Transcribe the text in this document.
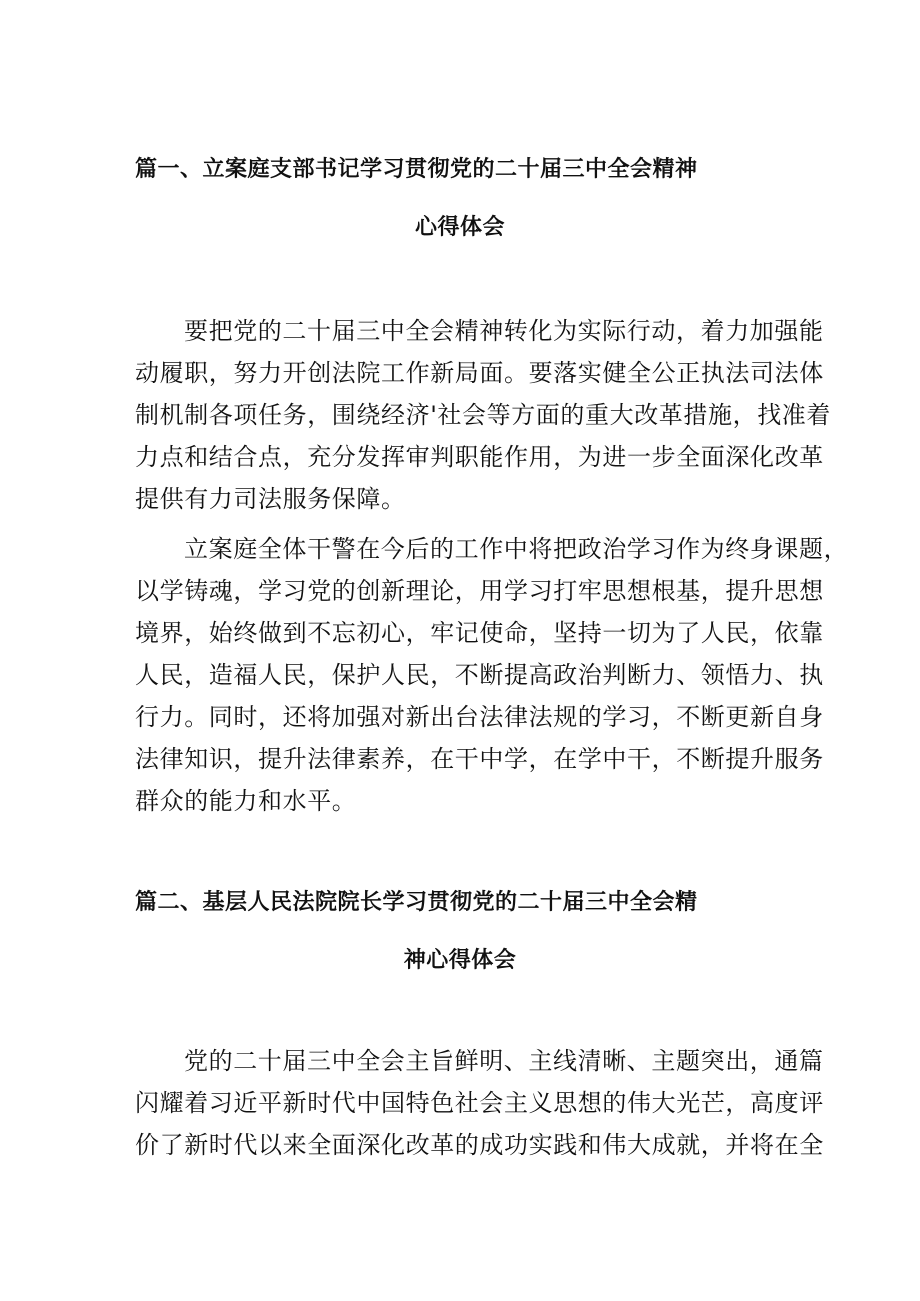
篇一、立案庭支部书记学习贯彻党的二十届三中全会精神
心得体会
要把党的二十届三中全会精神转化为实际行动，着力加强能
动履职，努力开创法院工作新局面。要落实健全公正执法司法体
制机制各项任务，围绕经济'社会等方面的重大改革措施，找准着
力点和结合点，充分发挥审判职能作用，为进一步全面深化改革
提供有力司法服务保障。
立案庭全体干警在今后的工作中将把政治学习作为终身课题，
以学铸魂，学习党的创新理论，用学习打牢思想根基，提升思想
境界，始终做到不忘初心，牢记使命，坚持一切为了人民，依靠
人民，造福人民，保护人民，不断提高政治判断力、领悟力、执
行力。同时，还将加强对新出台法律法规的学习，不断更新自身
法律知识，提升法律素养，在干中学，在学中干，不断提升服务
群众的能力和水平。
篇二、基层人民法院院长学习贯彻党的二十届三中全会精
神心得体会
党的二十届三中全会主旨鲜明、主线清晰、主题突出，通篇
闪耀着习近平新时代中国特色社会主义思想的伟大光芒，高度评
价了新时代以来全面深化改革的成功实践和伟大成就，并将在全
